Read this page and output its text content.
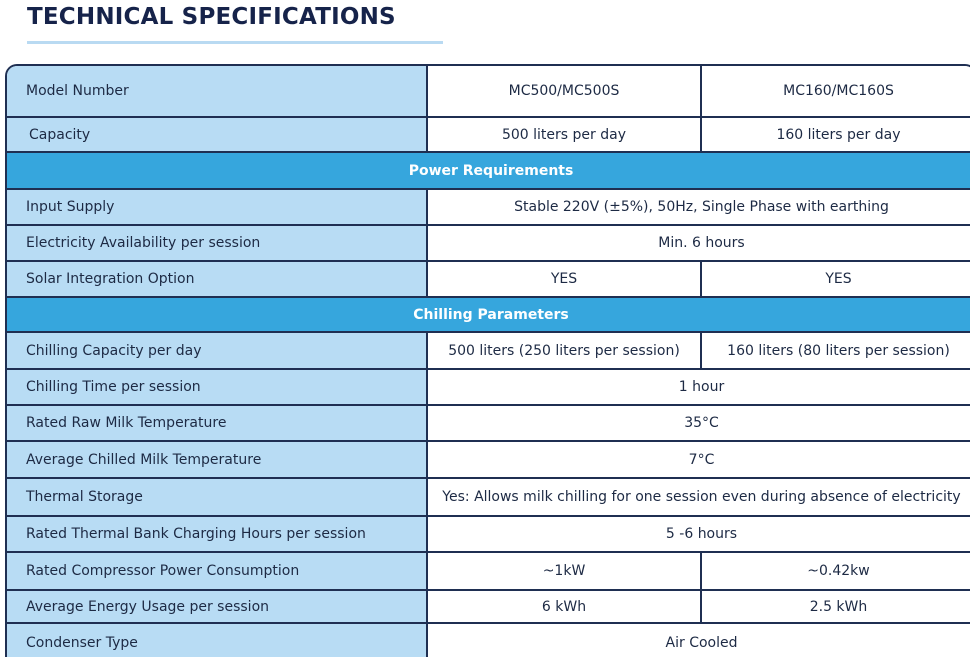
TECHNICAL SPECIFICATIONS
Model Number	MC500/MC500S	MC160/MC160S
Capacity	500 liters per day	160 liters per day
Power Requirements
Input Supply	Stable 220V (±5%), 50Hz, Single Phase with earthing
Electricity Availability per session	Min. 6 hours
Solar Integration Option	YES	YES
Chilling Parameters
Chilling Capacity per day	500 liters (250 liters per session)	160 liters (80 liters per session)
Chilling Time per session	1 hour
Rated Raw Milk Temperature	35°C
Average Chilled Milk Temperature	7°C
Thermal Storage	Yes: Allows milk chilling for one session even during absence of electricity
Rated Thermal Bank Charging Hours per session	5 -6 hours
Rated Compressor Power Consumption	~1kW	~0.42kw
Average Energy Usage per session	6 kWh	2.5 kWh
Condenser Type	Air Cooled
